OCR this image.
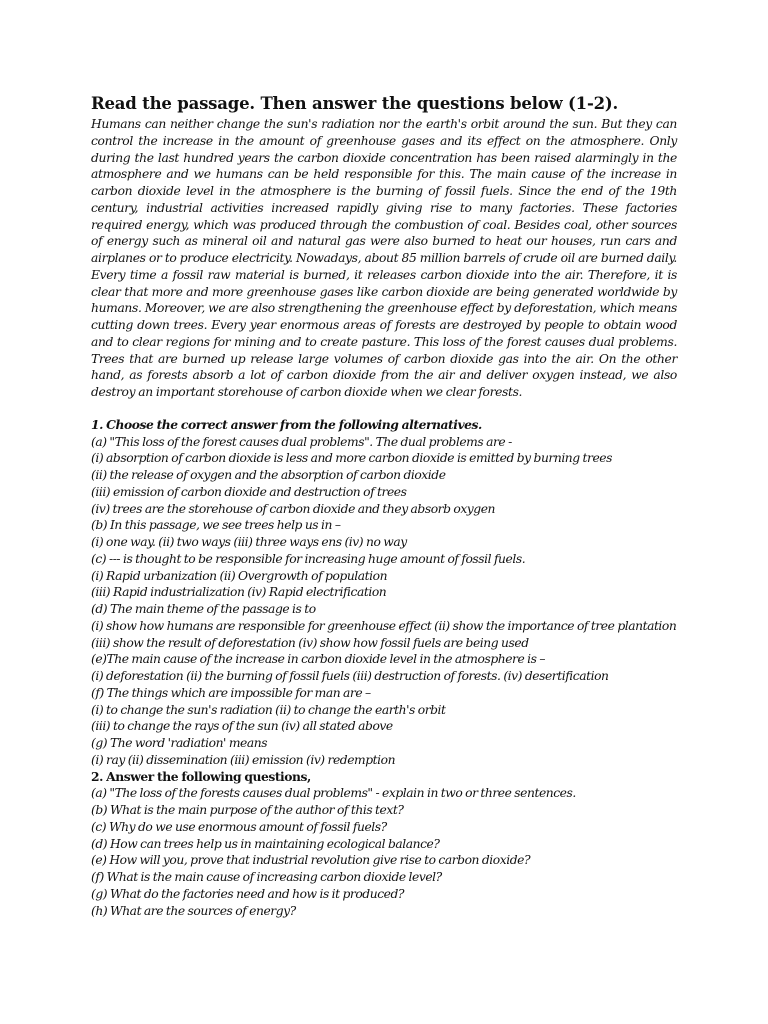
Read the passage. Then answer the questions below (1-2).

Humans can neither change the sun's radiation nor the earth's orbit around the sun. But they can control the increase in the amount of greenhouse gases and its effect on the atmosphere. Only during the last hundred years the carbon dioxide concentration has been raised alarmingly in the atmosphere and we humans can be held responsible for this. The main cause of the increase in carbon dioxide level in the atmosphere is the burning of fossil fuels. Since the end of the 19th century, industrial activities increased rapidly giving rise to many factories. These factories required energy, which was produced through the combustion of coal. Besides coal, other sources of energy such as mineral oil and natural gas were also burned to heat our houses, run cars and airplanes or to produce electricity. Nowadays, about 85 million barrels of crude oil are burned daily. Every time a fossil raw material is burned, it releases carbon dioxide into the air. Therefore, it is clear that more and more greenhouse gases like carbon dioxide are being generated worldwide by humans. Moreover, we are also strengthening the greenhouse effect by deforestation, which means cutting down trees. Every year enormous areas of forests are destroyed by people to obtain wood and to clear regions for mining and to create pasture. This loss of the forest causes dual problems. Trees that are burned up release large volumes of carbon dioxide gas into the air. On the other hand, as forests absorb a lot of carbon dioxide from the air and deliver oxygen instead, we also destroy an important storehouse of carbon dioxide when we clear forests.

1. Choose the correct answer from the following alternatives.
(a) "This loss of the forest causes dual problems". The dual problems are -
(i) absorption of carbon dioxide is less and more carbon dioxide is emitted by burning trees
(ii) the release of oxygen and the absorption of carbon dioxide
(iii) emission of carbon dioxide and destruction of trees
(iv) trees are the storehouse of carbon dioxide and they absorb oxygen
(b) In this passage, we see trees help us in –
(i) one way. (ii) two ways (iii) three ways ens (iv) no way
(c) --- is thought to be responsible for increasing huge amount of fossil fuels.
(i) Rapid urbanization (ii) Overgrowth of population
(iii) Rapid industrialization (iv) Rapid electrification
(d) The main theme of the passage is to
(i) show how humans are responsible for greenhouse effect (ii) show the importance of tree plantation
(iii) show the result of deforestation (iv) show how fossil fuels are being used
(e)The main cause of the increase in carbon dioxide level in the atmosphere is –
(i) deforestation (ii) the burning of fossil fuels (iii) destruction of forests. (iv) desertification
(f) The things which are impossible for man are –
(i) to change the sun's radiation (ii) to change the earth's orbit
(iii) to change the rays of the sun (iv) all stated above
(g) The word 'radiation' means
(i) ray (ii) dissemination (iii) emission (iv) redemption
2. Answer the following questions,
(a) "The loss of the forests causes dual problems" - explain in two or three sentences.
(b) What is the main purpose of the author of this text?
(c) Why do we use enormous amount of fossil fuels?
(d) How can trees help us in maintaining ecological balance?
(e) How will you, prove that industrial revolution give rise to carbon dioxide?
(f) What is the main cause of increasing carbon dioxide level?
(g) What do the factories need and how is it produced?
(h) What are the sources of energy?
